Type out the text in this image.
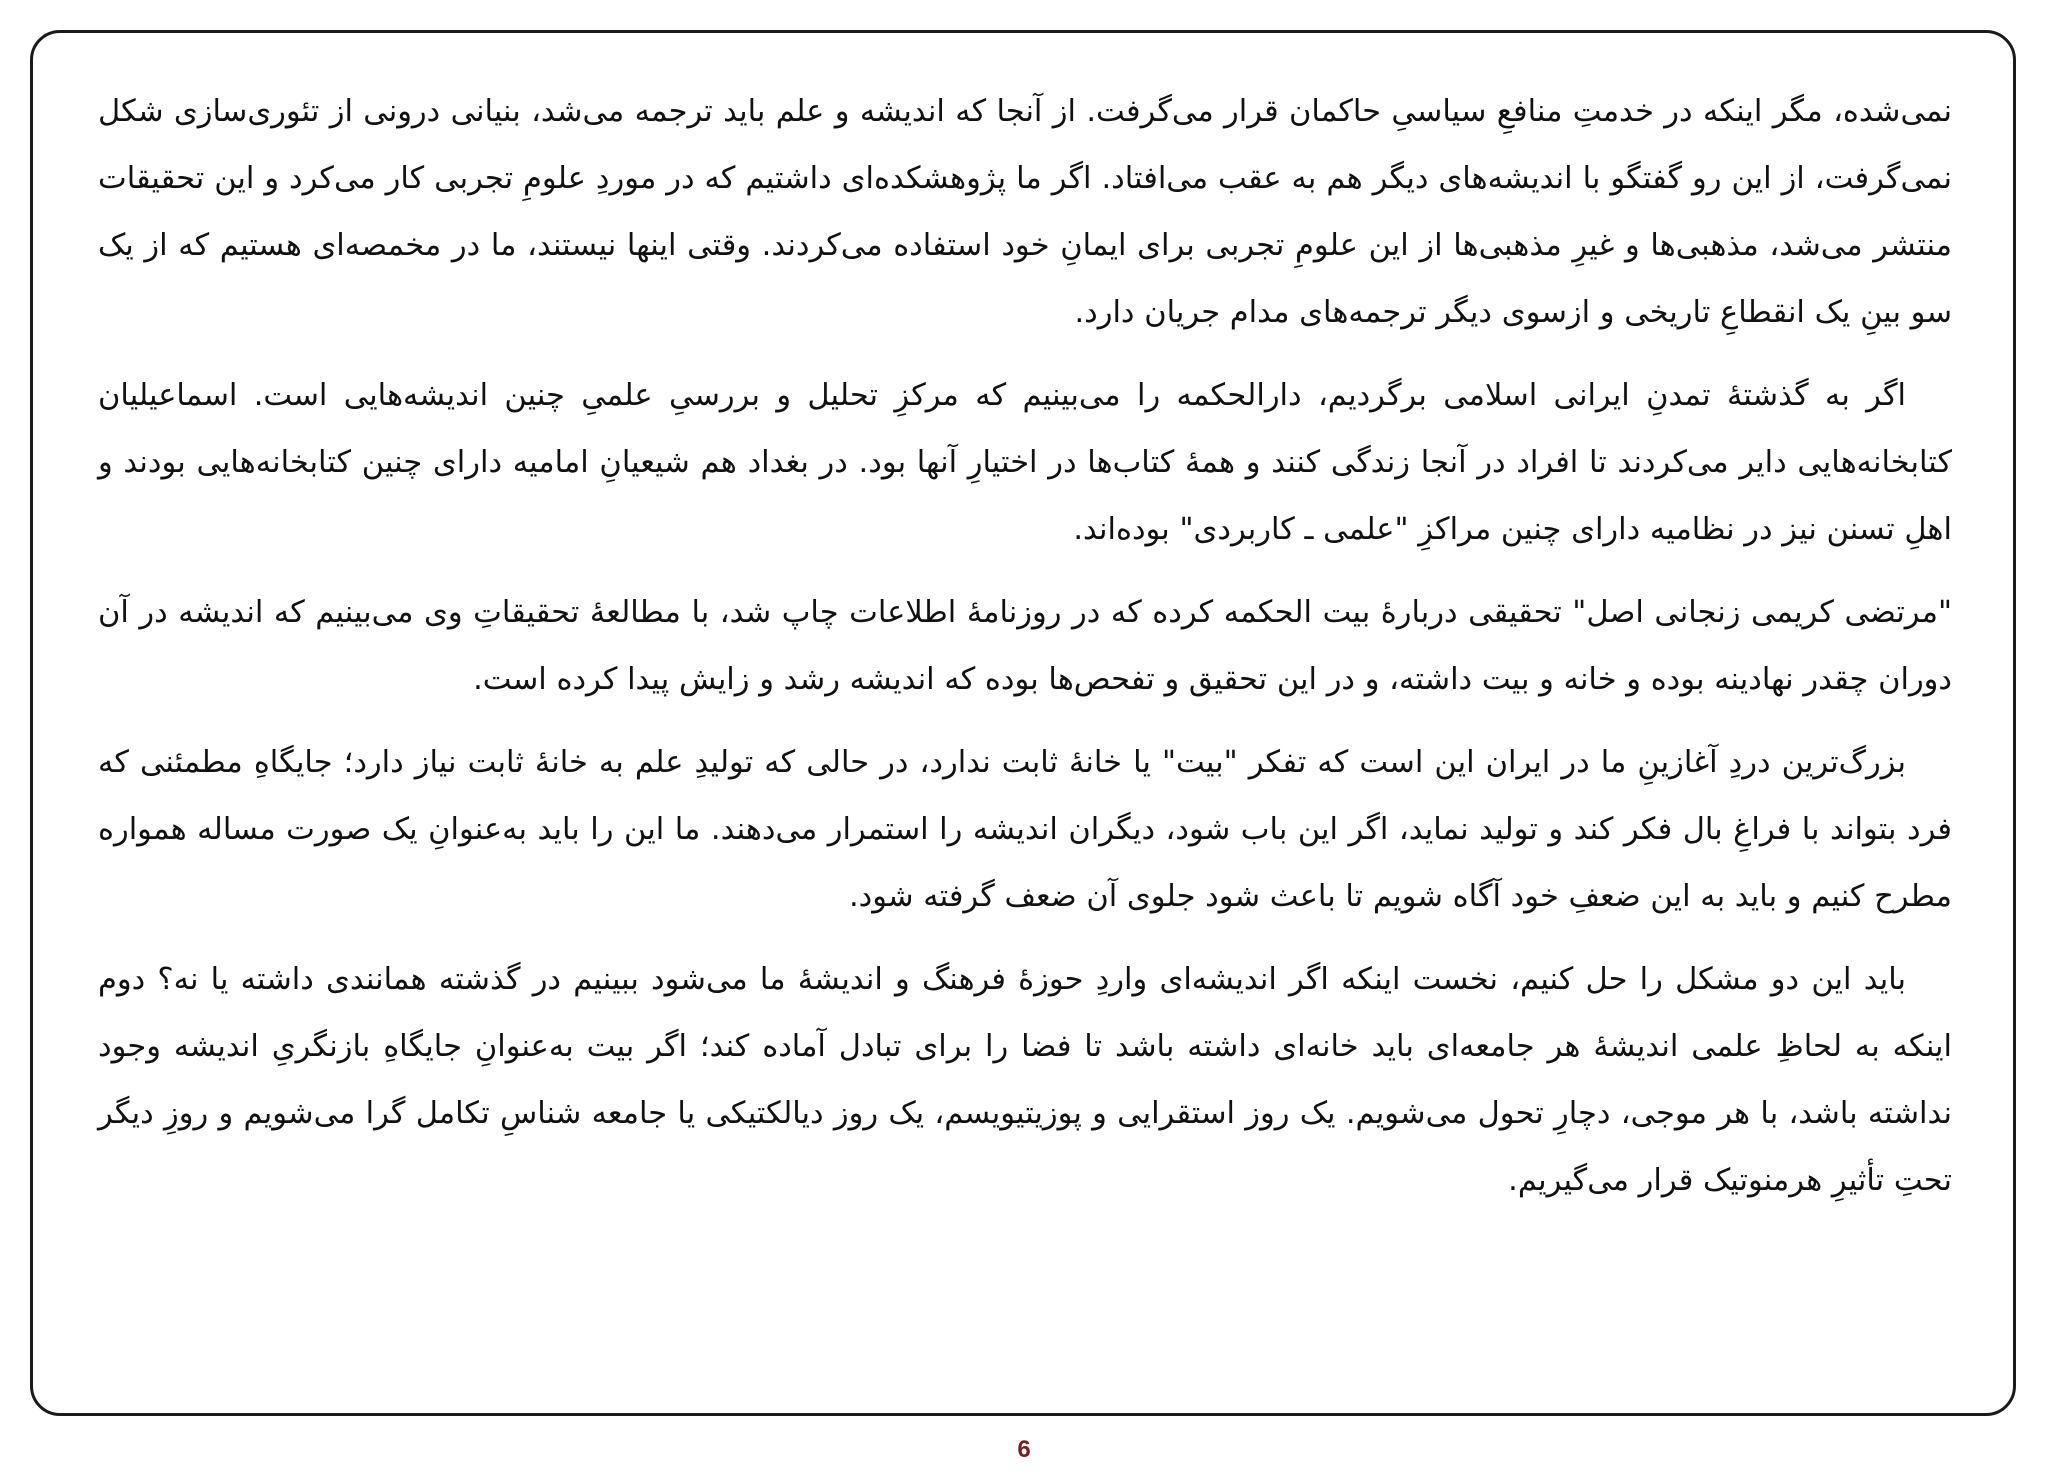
نمی‌شده، مگر اینکه در خدمتِ منافعِ سیاسیِ حاکمان قرار می‌گرفت. از آنجا که اندیشه و علم باید ترجمه می‌شد، بنیانی درونی از تئوری‌سازی شکل نمی‌گرفت، از این رو گفتگو با اندیشه‌های دیگر هم به عقب می‌افتاد. اگر ما پژوهشکده‌ای داشتیم که در موردِ علومِ تجربی کار می‌کرد و این تحقیقات منتشر می‌شد، مذهبی‌ها و غیرِ مذهبی‌ها از این علومِ تجربی برای ایمانِ خود استفاده می‌کردند. وقتی اینها نیستند، ما در مخمصه‌ای هستیم که از یک سو بینِ یک انقطاعِ تاریخی و ازسوی دیگر ترجمه‌های مدام جریان دارد.

اگر به گذشتهٔ تمدنِ ایرانی اسلامی برگردیم، دارالحکمه را می‌بینیم که مرکزِ تحلیل و بررسیِ علمیِ چنین اندیشه‌هایی است. اسماعیلیان کتابخانه‌هایی دایر می‌کردند تا افراد در آنجا زندگی کنند و همهٔ کتاب‌ها در اختیارِ آنها بود. در بغداد هم شیعیانِ امامیه دارای چنین کتابخانه‌هایی بودند و اهلِ تسنن نیز در نظامیه دارای چنین مراکزِ "علمی ـ کاربردی" بوده‌اند.

"مرتضی کریمی زنجانی اصل" تحقیقی دربارهٔ بیت الحکمه کرده که در روزنامهٔ اطلاعات چاپ شد، با مطالعهٔ تحقیقاتِ وی می‌بینیم که اندیشه در آن دوران چقدر نهادینه بوده و خانه و بیت داشته، و در این تحقیق و تفحص‌ها بوده که اندیشه رشد و زایش پیدا کرده است.

بزرگ‌ترین دردِ آغازینِ ما در ایران این است که تفکر "بیت" یا خانهٔ ثابت ندارد، در حالی که تولیدِ علم به خانهٔ ثابت نیاز دارد؛ جایگاهِ مطمئنی که فرد بتواند با فراغِ بال فکر کند و تولید نماید، اگر این باب شود، دیگران اندیشه را استمرار می‌دهند. ما این را باید به‌عنوانِ یک صورت مساله همواره مطرح کنیم و باید به این ضعفِ خود آگاه شویم تا باعث شود جلوی آن ضعف گرفته شود.

باید این دو مشکل را حل کنیم، نخست اینکه اگر اندیشه‌ای واردِ حوزهٔ فرهنگ و اندیشهٔ ما می‌شود ببینیم در گذشته همانندی داشته یا نه؟ دوم اینکه به لحاظِ علمی اندیشهٔ هر جامعه‌ای باید خانه‌ای داشته باشد تا فضا را برای تبادل آماده کند؛ اگر بیت به‌عنوانِ جایگاهِ بازنگریِ اندیشه وجود نداشته باشد، با هر موجی، دچارِ تحول می‌شویم. یک روز استقرایی و پوزیتیویسم، یک روز دیالکتیکی یا جامعه شناسِ تکامل گرا می‌شویم و روزِ دیگر تحتِ تأثیرِ هرمنوتیک قرار می‌گیریم.

6
